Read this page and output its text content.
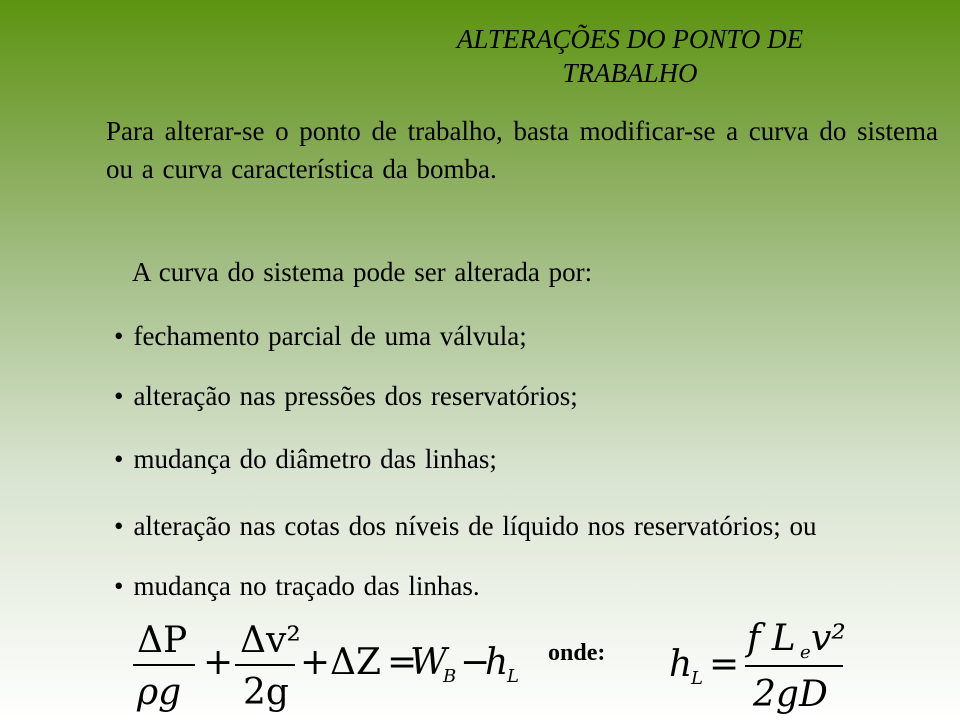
ALTERAÇÕES DO PONTO DE
TRABALHO
Para alterar-se o ponto de trabalho, basta modificar-se a curva do sistema ou a curva característica da bomba.
A curva do sistema pode ser alterada por:
• fechamento parcial de uma válvula;
• alteração nas pressões dos reservatórios;
• mudança do diâmetro das linhas;
• alteração nas cotas dos níveis de líquido nos reservatórios; ou
• mudança no traçado das linhas.
ΔP
ρg
+
Δv²
2g
+ ΔZ =
W
B −
h
L
onde: h
L =
f L e v²
2gD
